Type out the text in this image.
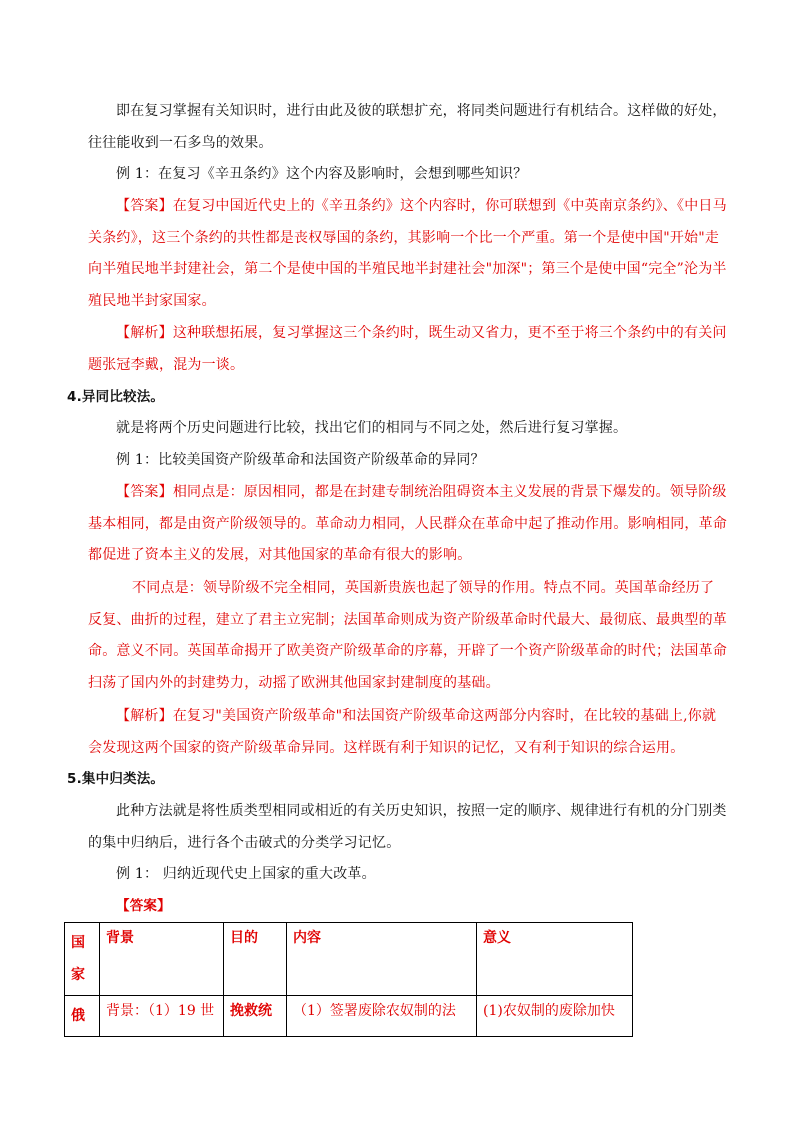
即在复习掌握有关知识时，进行由此及彼的联想扩充，将同类问题进行有机结合。这样做的好处，往往能收到一石多鸟的效果。

例 1：在复习《辛丑条约》这个内容及影响时，会想到哪些知识？

【答案】在复习中国近代史上的《辛丑条约》这个内容时，你可联想到《中英南京条约》、《中日马关条约》，这三个条约的共性都是丧权辱国的条约，其影响一个比一个严重。第一个是使中国"开始"走向半殖民地半封建社会，第二个是使中国的半殖民地半封建社会"加深"；第三个是使中国“完全”沦为半殖民地半封家国家。

【解析】这种联想拓展，复习掌握这三个条约时，既生动又省力，更不至于将三个条约中的有关问题张冠李戴，混为一谈。

4.异同比较法。

就是将两个历史问题进行比较，找出它们的相同与不同之处，然后进行复习掌握。

例 1：比较美国资产阶级革命和法国资产阶级革命的异同？

【答案】相同点是：原因相同，都是在封建专制统治阻碍资本主义发展的背景下爆发的。领导阶级基本相同，都是由资产阶级领导的。革命动力相同，人民群众在革命中起了推动作用。影响相同，革命都促进了资本主义的发展，对其他国家的革命有很大的影响。

不同点是：领导阶级不完全相同，英国新贵族也起了领导的作用。特点不同。英国革命经历了反复、曲折的过程，建立了君主立宪制；法国革命则成为资产阶级革命时代最大、最彻底、最典型的革命。意义不同。英国革命揭开了欧美资产阶级革命的序幕，开辟了一个资产阶级革命的时代；法国革命扫荡了国内外的封建势力，动摇了欧洲其他国家封建制度的基础。

【解析】在复习"美国资产阶级革命"和法国资产阶级革命这两部分内容时，在比较的基础上,你就会发现这两个国家的资产阶级革命异同。这样既有利于知识的记忆，又有利于知识的综合运用。

5.集中归类法。

此种方法就是将性质类型相同或相近的有关历史知识，按照一定的顺序、规律进行有机的分门别类的集中归纳后，进行各个击破式的分类学习记忆。

例 1： 归纳近现代史上国家的重大改革。

【答案】

国家	背景	目的	内容	意义
俄	背景：（1）19 世	挽救统	（1）签署废除农奴制的法	(1)农奴制的废除加快
